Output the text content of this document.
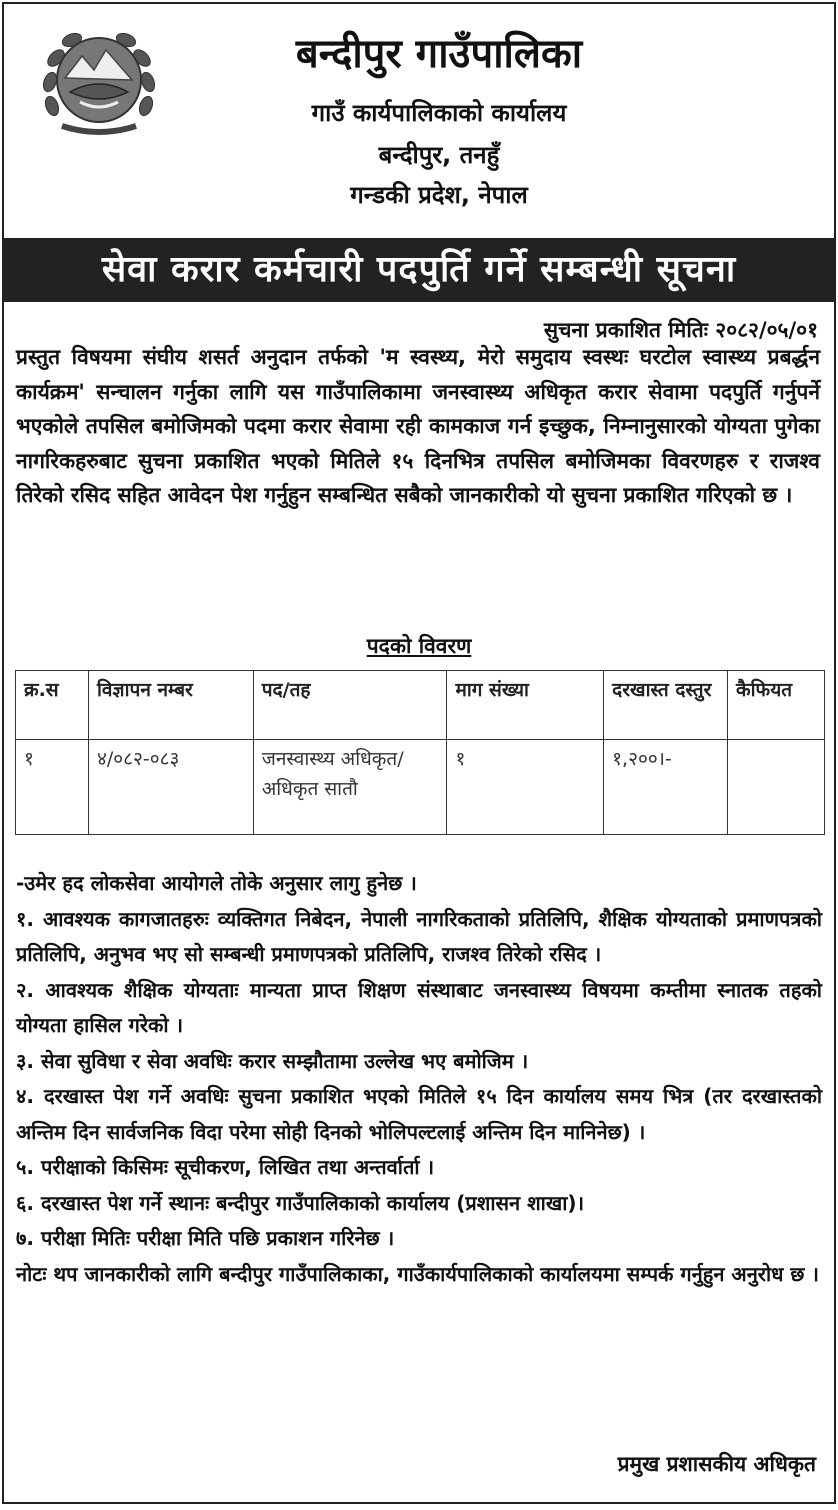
बन्दीपुर गाउँपालिका
गाउँ कार्यपालिकाको कार्यालय
बन्दीपुर, तनहुँ
गन्डकी प्रदेश, नेपाल
सेवा करार कर्मचारी पदपुर्ति गर्ने सम्बन्धी सूचना
सुचना प्रकाशित मितिः २०८२/०५/०१
प्रस्तुत विषयमा संघीय शसर्त अनुदान तर्फको 'म स्वस्थ्य, मेरो समुदाय स्वस्थः घरटोल स्वास्थ्य प्रबर्द्धन कार्यक्रम' सन्चालन गर्नुका लागि यस गाउँपालिकामा जनस्वास्थ्य अधिकृत करार सेवामा पदपुर्ति गर्नुपर्ने भएकोले तपसिल बमोजिमको पदमा करार सेवामा रही कामकाज गर्न इच्छुक, निम्नानुसारको योग्यता पुगेका नागरिकहरुबाट सुचना प्रकाशित भएको मितिले १५ दिनभित्र तपसिल बमोजिमका विवरणहरु र राजश्व तिरेको रसिद सहित आवेदन पेश गर्नुहुन सम्बन्धित सबैको जानकारीको यो सुचना प्रकाशित गरिएको छ ।
पदको विवरण
क्र.स	विज्ञापन नम्बर	पद/तह	माग संख्या	दरखास्त दस्तुर	कैफियत
१	४/०८२-०८३	जनस्वास्थ्य अधिकृत/अधिकृत सातौ	१	१,२००।-	

-उमेर हद लोकसेवा आयोगले तोके अनुसार लागु हुनेछ ।

१. आवश्यक कागजातहरुः व्यक्तिगत निबेदन, नेपाली नागरिकताको प्रतिलिपि, शैक्षिक योग्यताको प्रमाणपत्रको प्रतिलिपि, अनुभव भए सो सम्बन्धी प्रमाणपत्रको प्रतिलिपि, राजश्व तिरेको रसिद ।

२. आवश्यक शैक्षिक योग्यताः मान्यता प्राप्त शिक्षण संस्थाबाट जनस्वास्थ्य विषयमा कम्तीमा स्नातक तहको योग्यता हासिल गरेको ।

३. सेवा सुविधा र सेवा अवधिः करार सम्झौतामा उल्लेख भए बमोजिम ।

४. दरखास्त पेश गर्ने अवधिः सुचना प्रकाशित भएको मितिले १५ दिन कार्यालय समय भित्र (तर दरखास्तको अन्तिम दिन सार्वजनिक विदा परेमा सोही दिनको भोलिपल्टलाई अन्तिम दिन मानिनेछ) ।

५. परीक्षाको किसिमः सूचीकरण, लिखित तथा अन्तर्वार्ता ।

६. दरखास्त पेश गर्ने स्थानः बन्दीपुर गाउँपालिकाको कार्यालय (प्रशासन शाखा)।

७. परीक्षा मितिः परीक्षा मिति पछि प्रकाशन गरिनेछ ।

नोटः थप जानकारीको लागि बन्दीपुर गाउँपालिकाका, गाउँकार्यपालिकाको कार्यालयमा सम्पर्क गर्नुहुन अनुरोध छ ।

प्रमुख प्रशासकीय अधिकृत
